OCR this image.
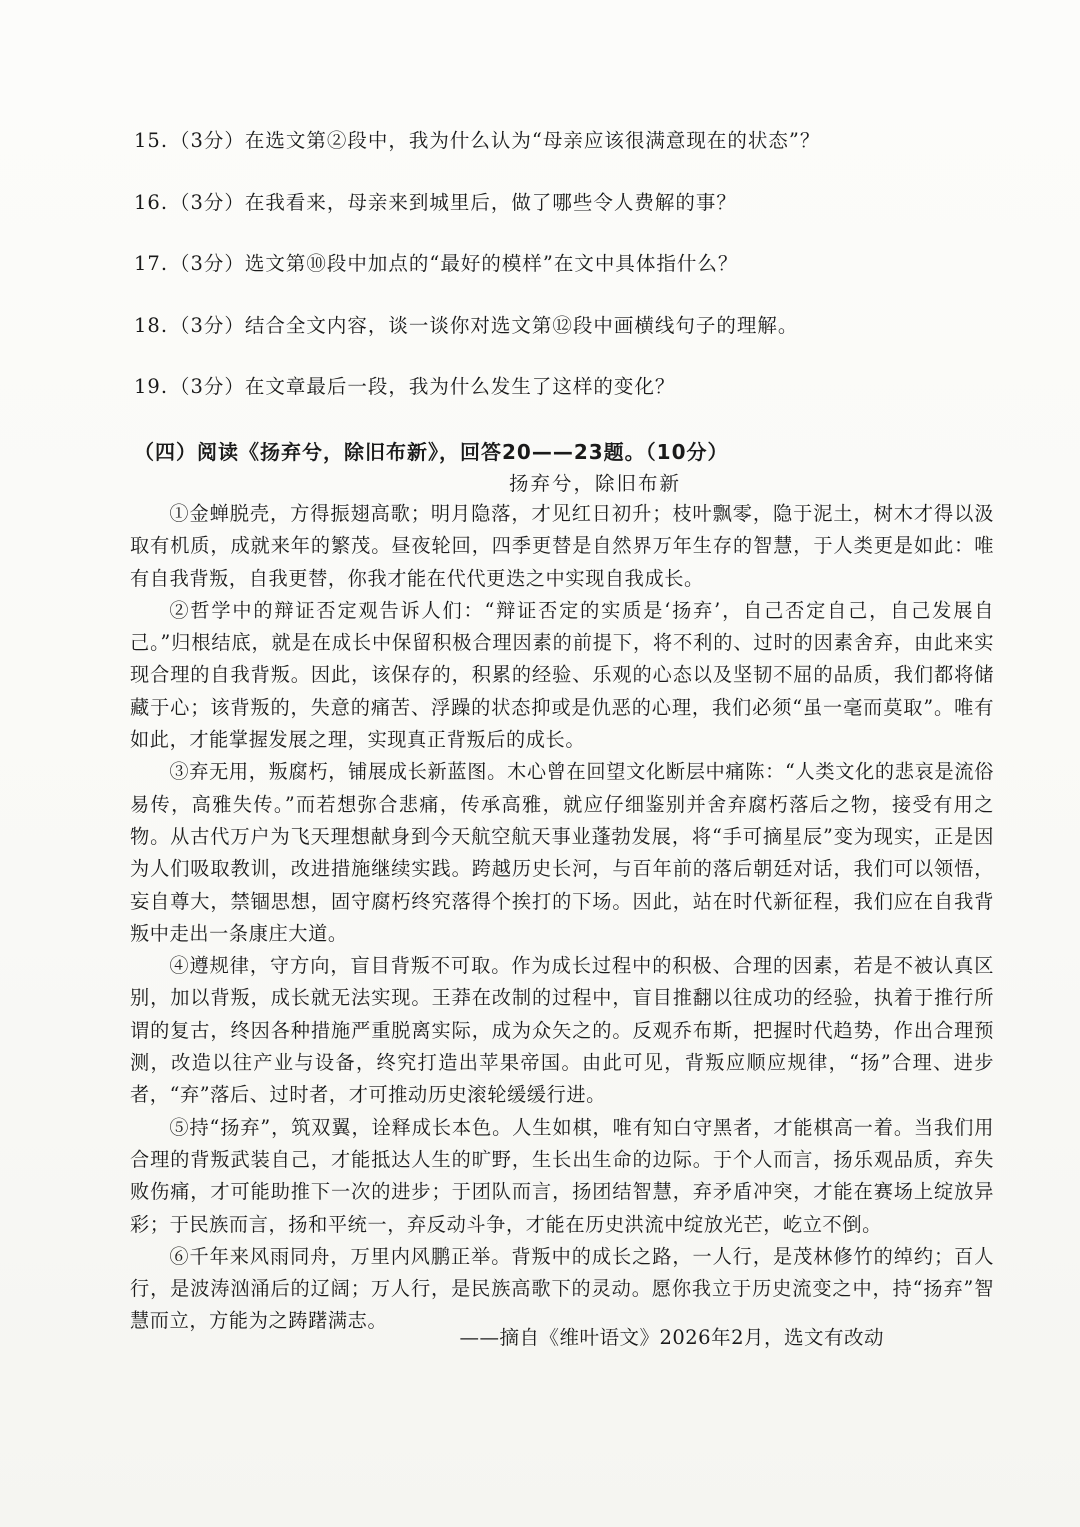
15. （3分）在选文第②段中，我为什么认为“母亲应该很满意现在的状态”？
16. （3分）在我看来，母亲来到城里后，做了哪些令人费解的事？
17. （3分）选文第⑩段中加点的“最好的模样”在文中具体指什么？
18. （3分）结合全文内容，谈一谈你对选文第⑫段中画横线句子的理解。
19. （3分）在文章最后一段，我为什么发生了这样的变化？
（四）阅读《扬弃兮，除旧布新》，回答20——23题。（10分）
扬弃兮，除旧布新

①金蝉脱壳，方得振翅高歌；明月隐落，才见红日初升；枝叶飘零，隐于泥土，树木才得以汲取有机质，成就来年的繁茂。昼夜轮回，四季更替是自然界万年生存的智慧，于人类更是如此：唯有自我背叛，自我更替，你我才能在代代更迭之中实现自我成长。

②哲学中的辩证否定观告诉人们：“辩证否定的实质是‘扬弃’，自己否定自己，自己发展自己。”归根结底，就是在成长中保留积极合理因素的前提下，将不利的、过时的因素舍弃，由此来实现合理的自我背叛。因此，该保存的，积累的经验、乐观的心态以及坚韧不屈的品质，我们都将储藏于心；该背叛的，失意的痛苦、浮躁的状态抑或是仇恶的心理，我们必须“虽一毫而莫取”。唯有如此，才能掌握发展之理，实现真正背叛后的成长。

③弃无用，叛腐朽，铺展成长新蓝图。木心曾在回望文化断层中痛陈：“人类文化的悲哀是流俗易传，高雅失传。”而若想弥合悲痛，传承高雅，就应仔细鉴别并舍弃腐朽落后之物，接受有用之物。从古代万户为飞天理想献身到今天航空航天事业蓬勃发展，将“手可摘星辰”变为现实，正是因为人们吸取教训，改进措施继续实践。跨越历史长河，与百年前的落后朝廷对话，我们可以领悟，妄自尊大，禁锢思想，固守腐朽终究落得个挨打的下场。因此，站在时代新征程，我们应在自我背叛中走出一条康庄大道。

④遵规律，守方向，盲目背叛不可取。作为成长过程中的积极、合理的因素，若是不被认真区别，加以背叛，成长就无法实现。王莽在改制的过程中，盲目推翻以往成功的经验，执着于推行所谓的复古，终因各种措施严重脱离实际，成为众矢之的。反观乔布斯，把握时代趋势，作出合理预测，改造以往产业与设备，终究打造出苹果帝国。由此可见，背叛应顺应规律，“扬”合理、进步者，“弃”落后、过时者，才可推动历史滚轮缓缓行进。

⑤持“扬弃”，筑双翼，诠释成长本色。人生如棋，唯有知白守黑者，才能棋高一着。当我们用合理的背叛武装自己，才能抵达人生的旷野，生长出生命的边际。于个人而言，扬乐观品质，弃失败伤痛，才可能助推下一次的进步；于团队而言，扬团结智慧，弃矛盾冲突，才能在赛场上绽放异彩；于民族而言，扬和平统一，弃反动斗争，才能在历史洪流中绽放光芒，屹立不倒。

⑥千年来风雨同舟，万里内风鹏正举。背叛中的成长之路，一人行，是茂林修竹的绰约；百人行，是波涛汹涌后的辽阔；万人行，是民族高歌下的灵动。愿你我立于历史流变之中，持“扬弃”智慧而立，方能为之踌躇满志。

——摘自《维叶语文》2026年2月，选文有改动
